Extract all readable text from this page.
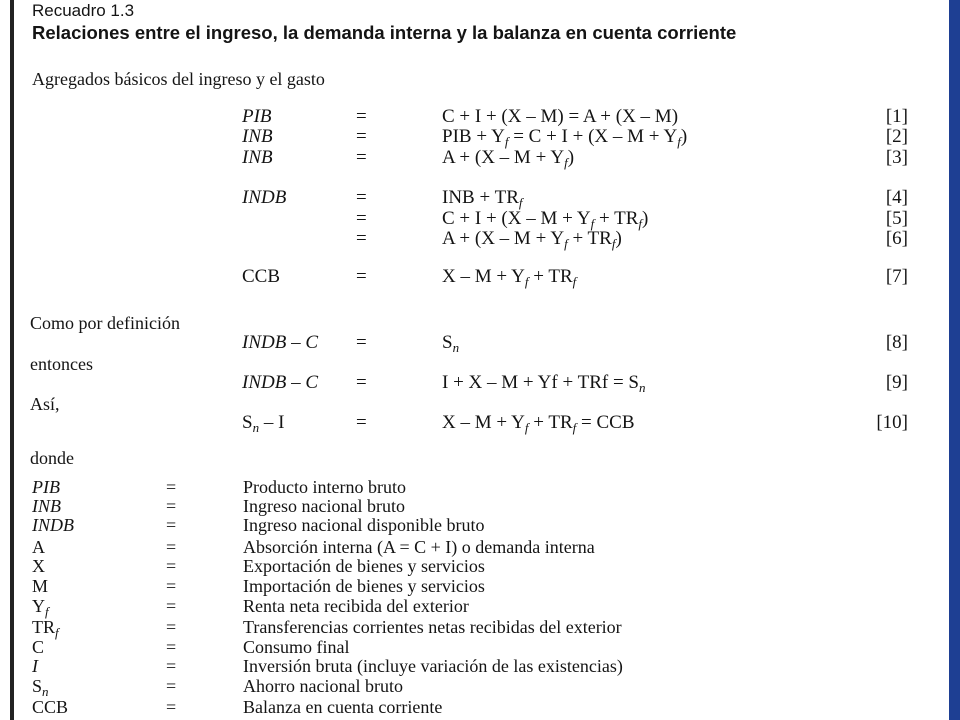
Recuadro 1.3
Relaciones entre el ingreso, la demanda interna y la balanza en cuenta corriente
Agregados básicos del ingreso y el gasto
PIB	=	C + I + (X – M) = A + (X – M)	[1]
INB	=	PIB + $Y_f = C + I + (X - M + Y_f)$	[2]
INB	=	$A + (X - M + Y_f)$	[3]
INDB	=	INB + $TR_f$	[4]
=	$C + I + (X - M + Y_f + TR_f)$	[5]
=	$A + (X - M + Y_f + TR_f)$	[6]
CCB	=	$X - M + Y_f + TR_f$	[7]
Como por definición
INDB – C =	$S_n$	[8]
entonces
INDB – C =	I + X – M + Yf + TRf = $S_n$	[9]
Así,
$S_n$ – I	=	$X - M + Y_f + TR_f$ = CCB	[10]
donde
PIB	=	Producto interno bruto
INB	=	Ingreso nacional bruto
INDB	=	Ingreso nacional disponible bruto
A	=	Absorción interna (A = C + I) o demanda interna
X	=	Exportación de bienes y servicios
M	=	Importación de bienes y servicios
$Y_f$	=	Renta neta recibida del exterior
$TR_f$	=	Transferencias corrientes netas recibidas del exterior
C	=	Consumo final
I	=	Inversión bruta (incluye variación de las existencias)
$S_n$	=	Ahorro nacional bruto
CCB	=	Balanza en cuenta corriente
